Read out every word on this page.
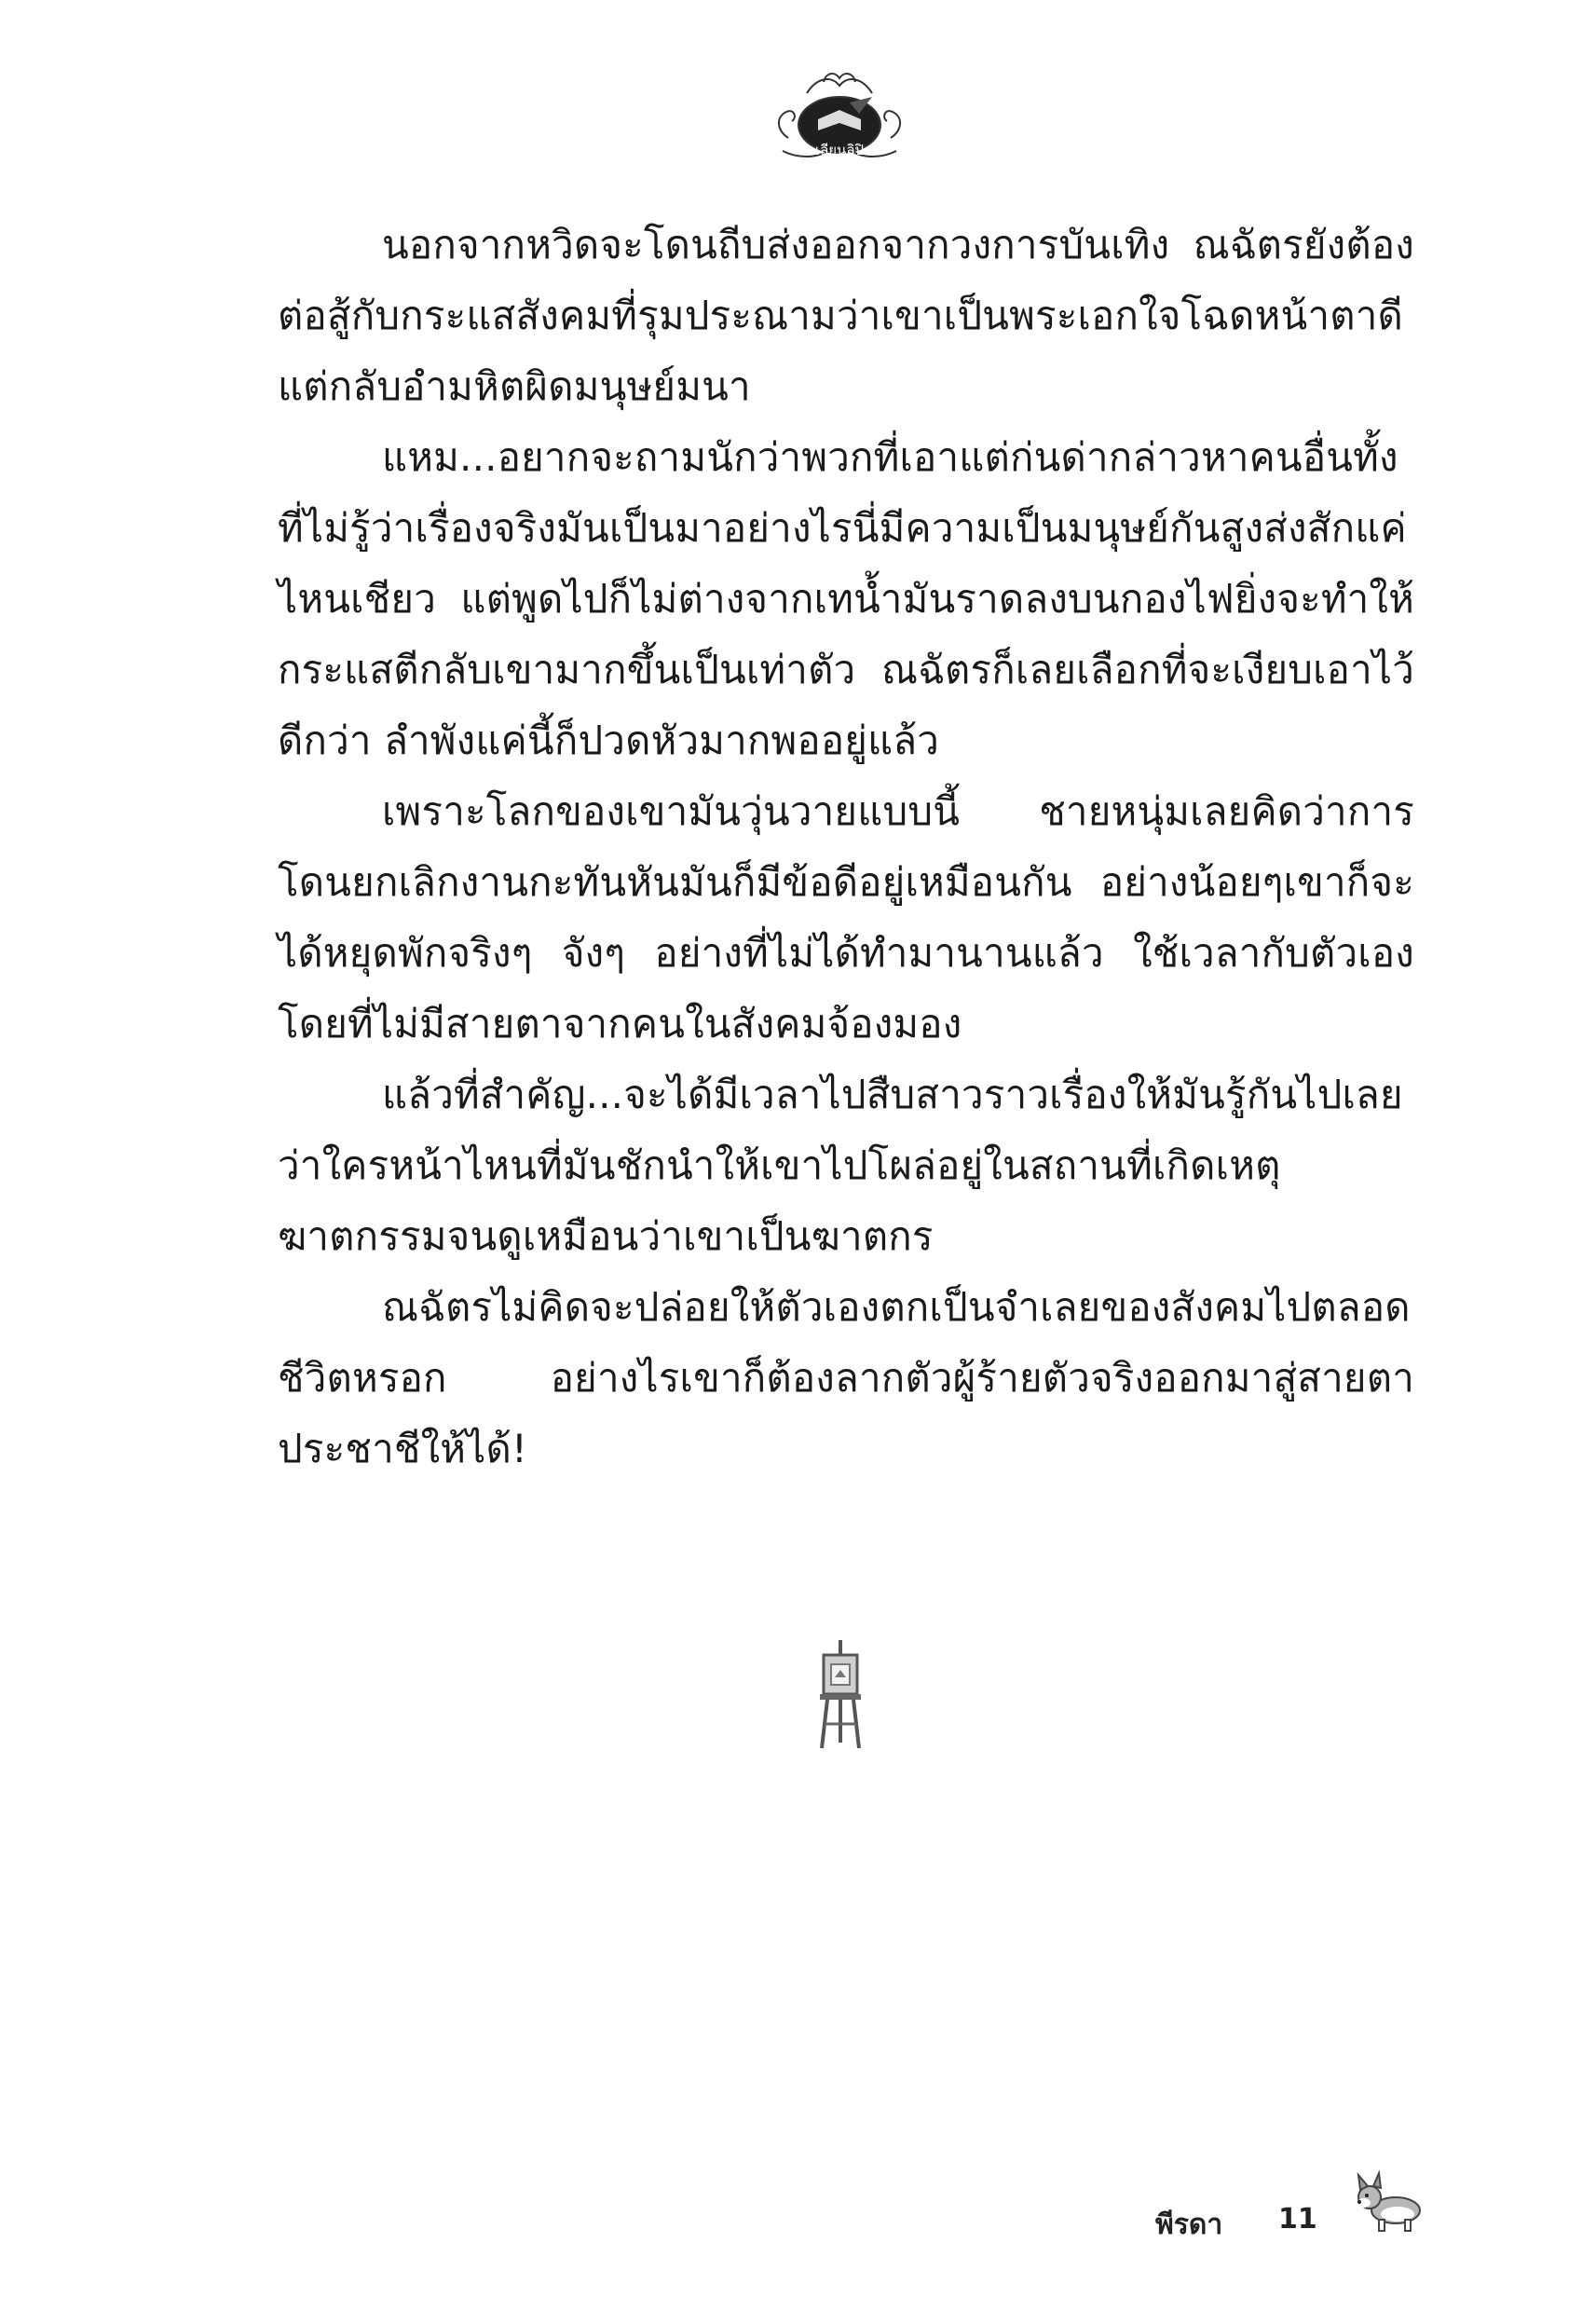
เลียนลิปิ

นอกจากหวิดจะโดนถีบส่งออกจากวงการบันเทิง ณฉัตรยังต้องต่อสู้กับกระแสสังคมที่รุมประณามว่าเขาเป็นพระเอกใจโฉดหน้าตาดีแต่กลับอำมหิตผิดมนุษย์มนา

แหม...อยากจะถามนักว่าพวกที่เอาแต่ก่นด่ากล่าวหาคนอื่นทั้งที่ไม่รู้ว่าเรื่องจริงมันเป็นมาอย่างไรนี่มีความเป็นมนุษย์กันสูงส่งสักแค่ไหนเชียว แต่พูดไปก็ไม่ต่างจากเทน้ำมันราดลงบนกองไฟยิ่งจะทำให้กระแสตีกลับเขามากขึ้นเป็นเท่าตัว ณฉัตรก็เลยเลือกที่จะเงียบเอาไว้ดีกว่า ลำพังแค่นี้ก็ปวดหัวมากพออยู่แล้ว

เพราะโลกของเขามันวุ่นวายแบบนี้ ชายหนุ่มเลยคิดว่าการโดนยกเลิกงานกะทันหันมันก็มีข้อดีอยู่เหมือนกัน อย่างน้อยๆเขาก็จะได้หยุดพักจริงๆ จังๆ อย่างที่ไม่ได้ทำมานานแล้ว ใช้เวลากับตัวเองโดยที่ไม่มีสายตาจากคนในสังคมจ้องมอง

แล้วที่สำคัญ...จะได้มีเวลาไปสืบสาวราวเรื่องให้มันรู้กันไปเลยว่าใครหน้าไหนที่มันชักนำให้เขาไปโผล่อยู่ในสถานที่เกิดเหตุฆาตกรรมจนดูเหมือนว่าเขาเป็นฆาตกร

ณฉัตรไม่คิดจะปล่อยให้ตัวเองตกเป็นจำเลยของสังคมไปตลอดชีวิตหรอก อย่างไรเขาก็ต้องลากตัวผู้ร้ายตัวจริงออกมาสู่สายตาประชาชีให้ได้!

พีรดา 11
